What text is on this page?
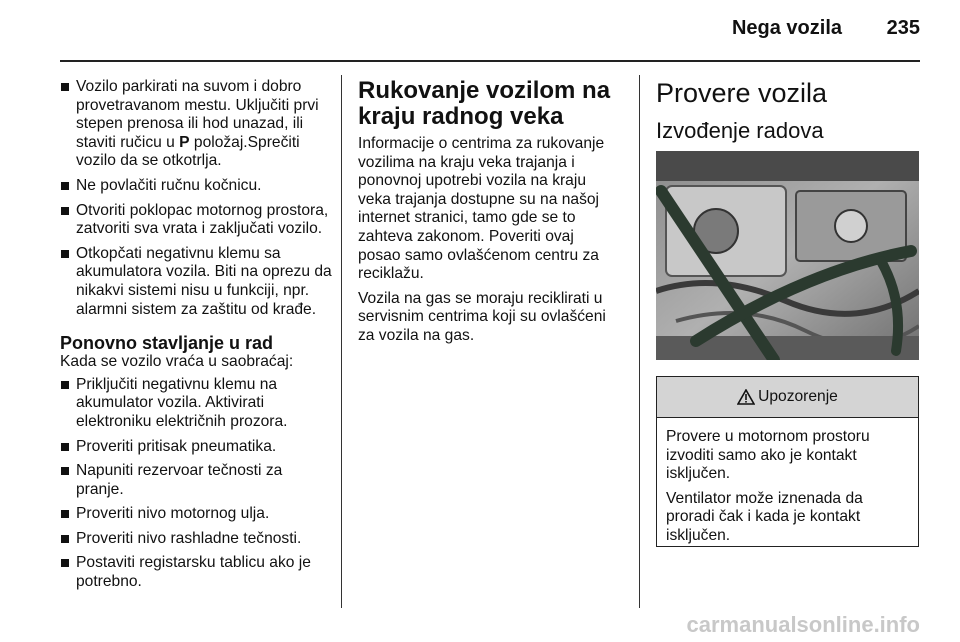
Nega vozila 235
Vozilo parkirati na suvom i dobro provetravanom mestu. Uključiti prvi stepen prenosa ili hod unazad, ili staviti ručicu u P položaj.Sprečiti vozilo da se otkotrlja.
Ne povlačiti ručnu kočnicu.
Otvoriti poklopac motornog prostora, zatvoriti sva vrata i zaključati vozilo.
Otkopčati negativnu klemu sa akumulatora vozila. Biti na oprezu da nikakvi sistemi nisu u funkciji, npr. alarmni sistem za zaštitu od krađe.
Ponovno stavljanje u rad

Kada se vozilo vraća u saobraćaj:

Priključiti negativnu klemu na akumulator vozila. Aktivirati elektroniku električnih prozora.
Proveriti pritisak pneumatika.
Napuniti rezervoar tečnosti za pranje.
Proveriti nivo motornog ulja.
Proveriti nivo rashladne tečnosti.
Postaviti registarsku tablicu ako je potrebno.
Rukovanje vozilom na kraju radnog veka

Informacije o centrima za rukovanje vozilima na kraju veka trajanja i ponovnoj upotrebi vozila na kraju veka trajanja dostupne su na našoj internet stranici, tamo gde se to zahteva zakonom. Poveriti ovaj posao samo ovlašćenom centru za reciklažu.

Vozila na gas se moraju reciklirati u servisnim centrima koji su ovlašćeni za vozila na gas.

Provere vozila
Izvođenje radova
Upozorenje

Provere u motornom prostoru izvoditi samo ako je kontakt isključen.

Ventilator može iznenada da proradi čak i kada je kontakt isključen.

carmanualsonline.info
